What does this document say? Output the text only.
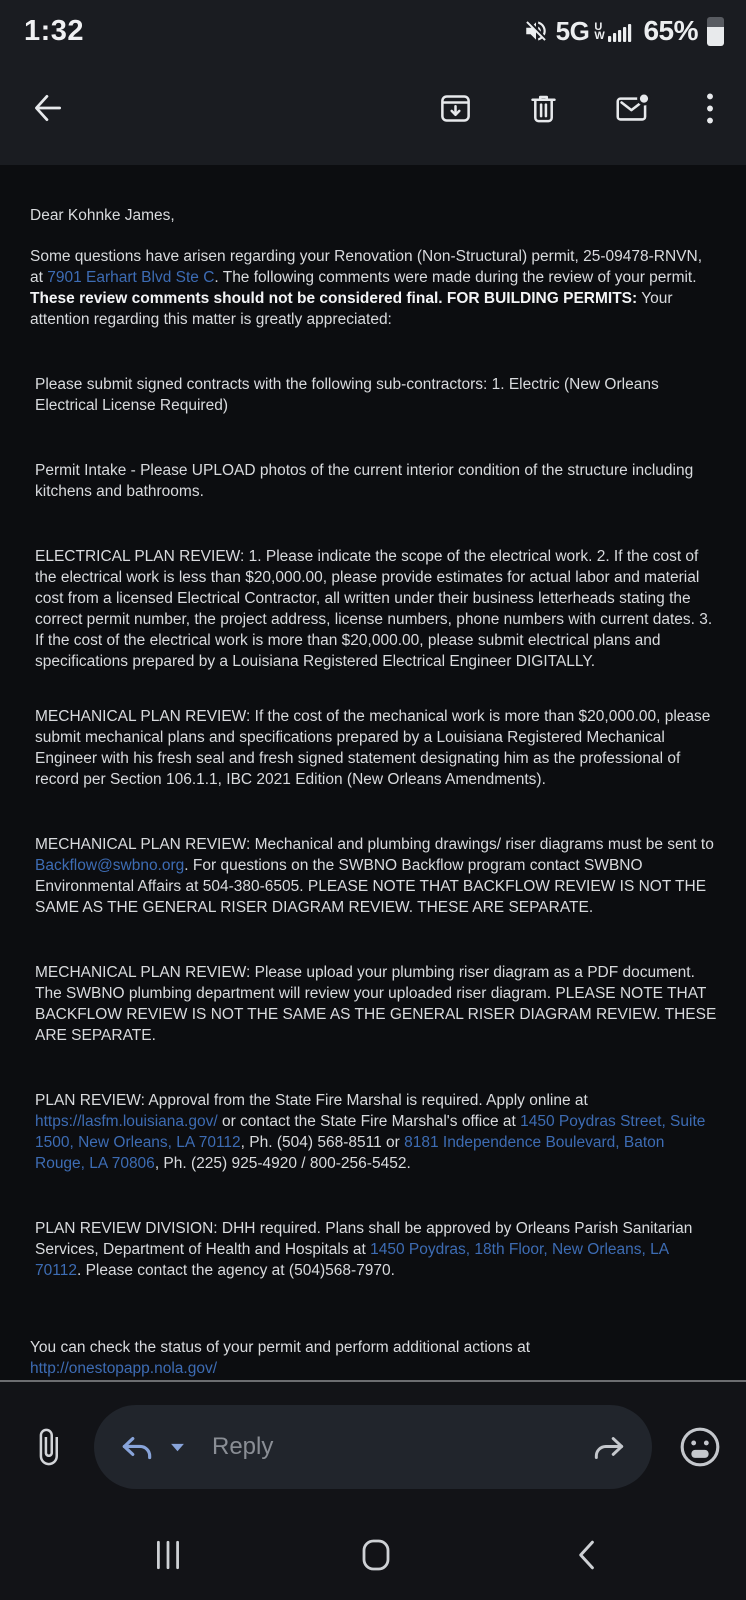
1:32	5G UW 65%

Dear Kohnke James,

Some questions have arisen regarding your Renovation (Non-Structural) permit, 25-09478-RNVN, at 7901 Earhart Blvd Ste C. The following comments were made during the review of your permit. These review comments should not be considered final. FOR BUILDING PERMITS: Your attention regarding this matter is greatly appreciated:

Please submit signed contracts with the following sub-contractors: 1. Electric (New Orleans Electrical License Required)

Permit Intake - Please UPLOAD photos of the current interior condition of the structure including kitchens and bathrooms.

ELECTRICAL PLAN REVIEW: 1. Please indicate the scope of the electrical work. 2. If the cost of the electrical work is less than $20,000.00, please provide estimates for actual labor and material cost from a licensed Electrical Contractor, all written under their business letterheads stating the correct permit number, the project address, license numbers, phone numbers with current dates. 3. If the cost of the electrical work is more than $20,000.00, please submit electrical plans and specifications prepared by a Louisiana Registered Electrical Engineer DIGITALLY.

MECHANICAL PLAN REVIEW: If the cost of the mechanical work is more than $20,000.00, please submit mechanical plans and specifications prepared by a Louisiana Registered Mechanical Engineer with his fresh seal and fresh signed statement designating him as the professional of record per Section 106.1.1, IBC 2021 Edition (New Orleans Amendments).

MECHANICAL PLAN REVIEW: Mechanical and plumbing drawings/ riser diagrams must be sent to Backflow@swbno.org. For questions on the SWBNO Backflow program contact SWBNO Environmental Affairs at 504-380-6505. PLEASE NOTE THAT BACKFLOW REVIEW IS NOT THE SAME AS THE GENERAL RISER DIAGRAM REVIEW. THESE ARE SEPARATE.

MECHANICAL PLAN REVIEW: Please upload your plumbing riser diagram as a PDF document. The SWBNO plumbing department will review your uploaded riser diagram. PLEASE NOTE THAT BACKFLOW REVIEW IS NOT THE SAME AS THE GENERAL RISER DIAGRAM REVIEW. THESE ARE SEPARATE.

PLAN REVIEW: Approval from the State Fire Marshal is required. Apply online at https://lasfm.louisiana.gov/ or contact the State Fire Marshal's office at 1450 Poydras Street, Suite 1500, New Orleans, LA 70112, Ph. (504) 568-8511 or 8181 Independence Boulevard, Baton Rouge, LA 70806, Ph. (225) 925-4920 / 800-256-5452.

PLAN REVIEW DIVISION: DHH required. Plans shall be approved by Orleans Parish Sanitarian Services, Department of Health and Hospitals at 1450 Poydras, 18th Floor, New Orleans, LA 70112. Please contact the agency at (504)568-7970.

You can check the status of your permit and perform additional actions at
http://onestopapp.nola.gov/

Reply
